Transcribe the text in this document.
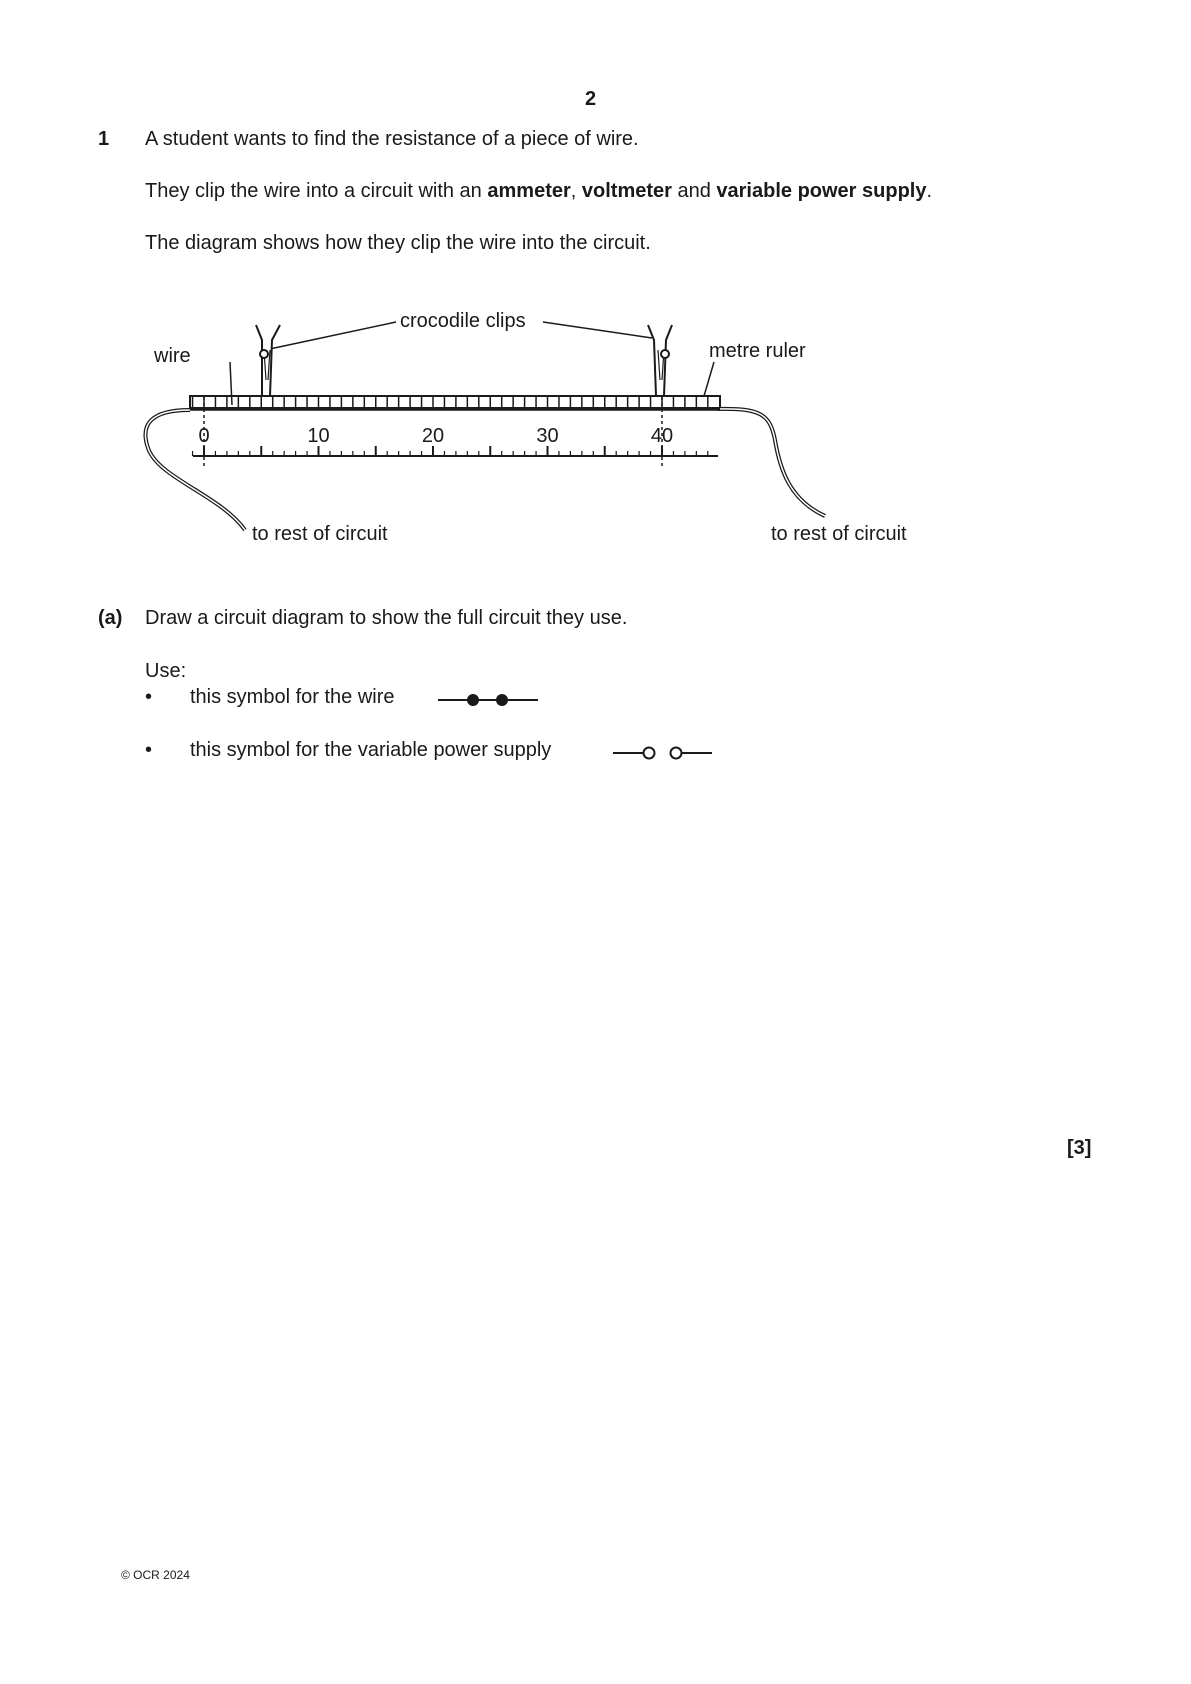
2
1 A student wants to find the resistance of a piece of wire.
They clip the wire into a circuit with an ammeter, voltmeter and variable power supply.
The diagram shows how they clip the wire into the circuit.
0	10	20	30	40
crocodile clips
wire	metre ruler
to rest of circuit	to rest of circuit
(a) Draw a circuit diagram to show the full circuit they use.
Use:
• this symbol for the wire
• this symbol for the variable power supply
[3]
© OCR 2024
